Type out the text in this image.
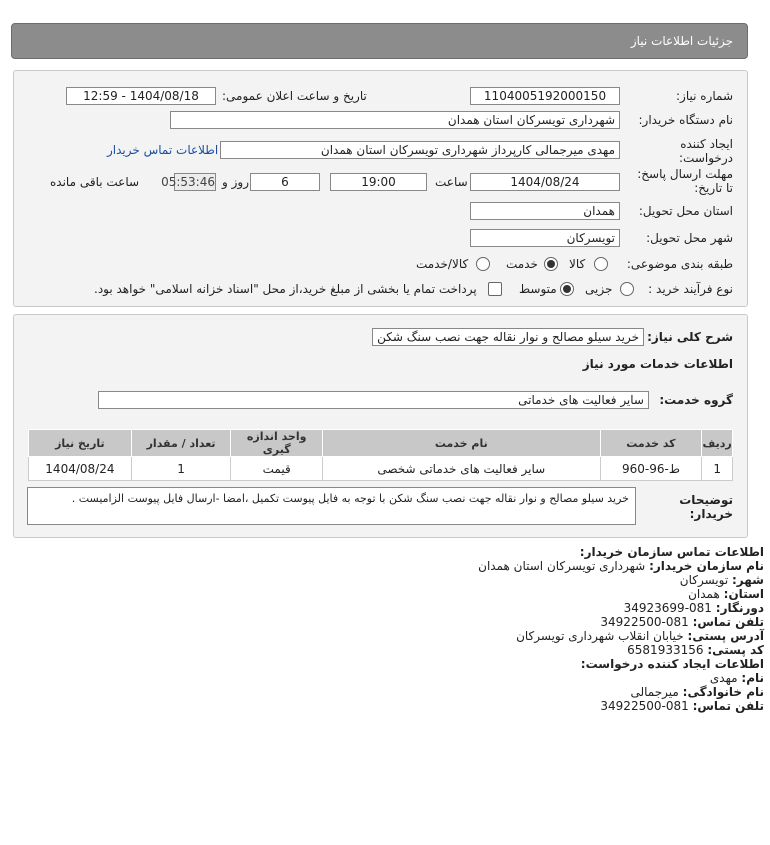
جزئیات اطلاعات نیاز
شماره نیاز:
1104005192000150
تاریخ و ساعت اعلان عمومی:
1404/08/18 - 12:59
نام دستگاه خریدار:
شهرداری تویسرکان استان همدان
ایجاد کننده درخواست:
مهدی میرجمالی کارپرداز شهرداری تویسرکان استان همدان
اطلاعات تماس خریدار
مهلت ارسال پاسخ: تا تاریخ:
1404/08/24
ساعت
19:00
6
روز و
05:53:46
ساعت باقی مانده
استان محل تحویل:
همدان
شهر محل تحویل:
تویسرکان
طبقه بندی موضوعی:
کالا
خدمت
کالا/خدمت
نوع فرآیند خرید :
جزیی
متوسط
پرداخت تمام یا بخشی از مبلغ خرید،از محل "اسناد خزانه اسلامی" خواهد بود.
شرح کلی نیاز:
خرید سیلو مصالح و نوار نقاله جهت نصب سنگ شکن
اطلاعات خدمات مورد نیاز
گروه خدمت:
سایر فعالیت های خدماتی
ردیف	کد خدمت	نام خدمت	واحد اندازه گیری	تعداد / مقدار	تاریخ نیاز
1	ط-96-960	سایر فعالیت های خدماتی شخصی	قیمت	1	1404/08/24
توضیحات خریدار:
خرید سیلو مصالح و نوار نقاله جهت نصب سنگ شکن با توجه به فایل پیوست تکمیل ،امضا -ارسال فایل پیوست الزامیست .
اطلاعات تماس سازمان خریدار:
نام سازمان خریدار: شهرداری تویسرکان استان همدان
شهر: تویسرکان
استان: همدان
دورنگار: 081-34923699
تلفن تماس: 081-34922500
آدرس پستی: خیابان انقلاب شهرداری تویسرکان
کد پستی: 6581933156
اطلاعات ایجاد کننده درخواست:
نام: مهدی
نام خانوادگی: میرجمالی
تلفن تماس: 081-34922500
